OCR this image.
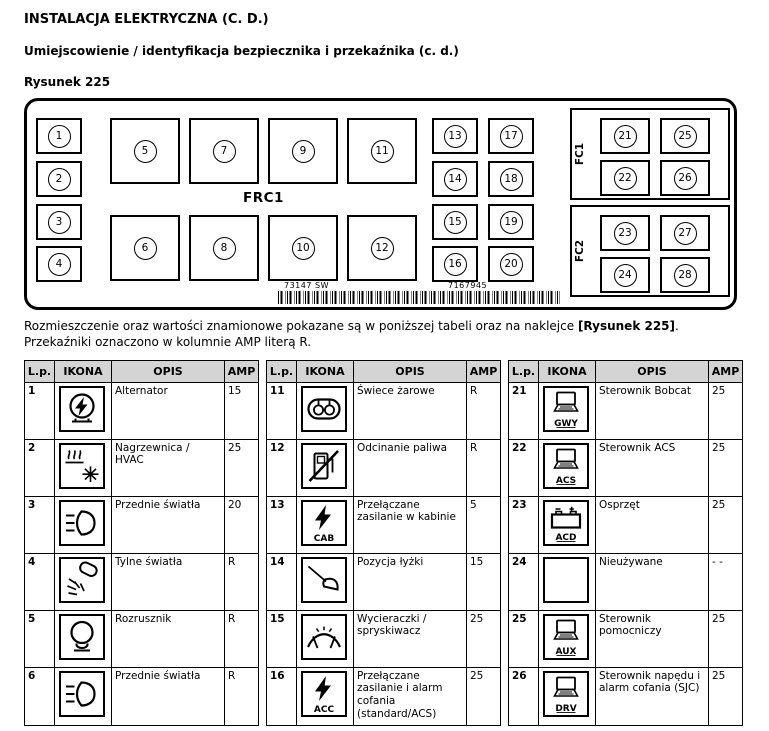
INSTALACJA ELEKTRYCZNA (C. D.)
Umiejscowienie / identyfikacja bezpiecznika i przekaźnika (c. d.)
Rysunek 225
1
2
3
4
5	7	9	11
6	8	10	12
FRC1
13
14
15
16
17
18
19
20
FC1
21	25
22	26
FC2
23	27
24	28
73147 SW	7167945

Rozmieszczenie oraz wartości znamionowe pokazane są w poniższej tabeli oraz na naklejce [Rysunek 225]. Przekaźniki oznaczono w kolumnie AMP literą R.

L.p.	IKONA	OPIS	AMP		L.p.	IKONA	OPIS	AMP		L.p.	IKONA	OPIS	AMP
1		Alternator	15		11		Świece żarowe	R		21	GWY	Sterownik Bobcat	25
2		Nagrzewnica / HVAC	25		12		Odcinanie paliwa	R		22	ACS	Sterownik ACS	25
3		Przednie światła	20		13	CAB	Przełączane zasilanie w kabinie	5		23	ACD	Osprzęt	25
4		Tylne światła	R		14		Pozycja łyżki	15		24		Nieużywane	- -
5		Rozrusznik	R		15		Wycieraczki / spryskiwacz	25		25	AUX	Sterownik pomocniczy	25
6		Przednie światła	R		16	ACC	Przełączane zasilanie i alarm cofania (standard/ACS)	25		26	DRV	Sterownik napędu i alarm cofania (SJC)	25
